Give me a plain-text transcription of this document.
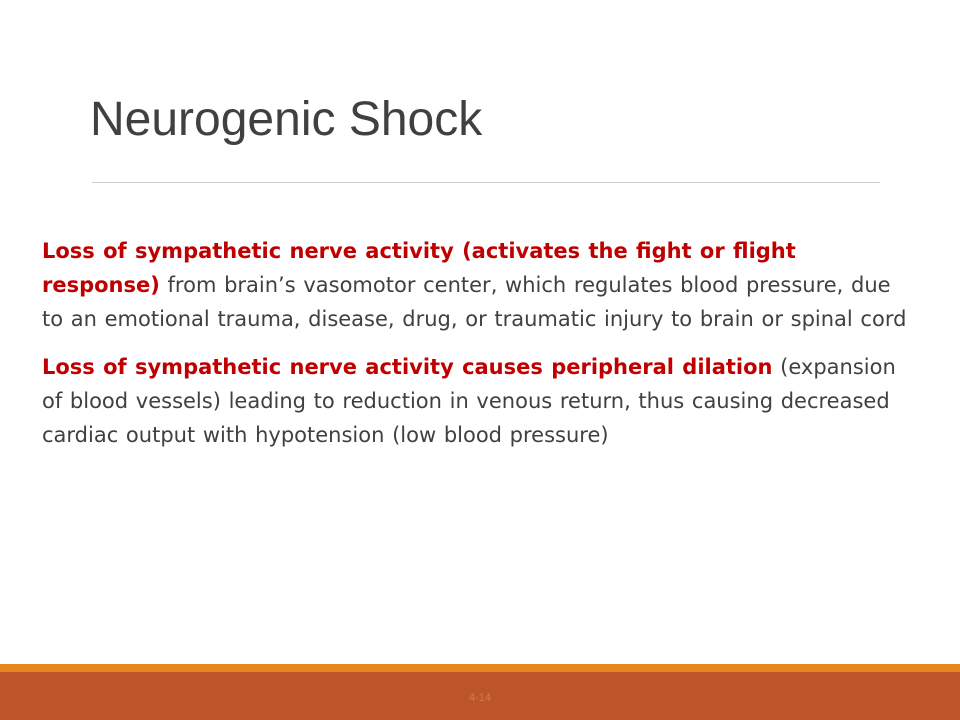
Neurogenic Shock

Loss of sympathetic nerve activity (activates the fight or flight response) from brain’s vasomotor center, which regulates blood pressure, due to an emotional trauma, disease, drug, or traumatic injury to brain or spinal cord

Loss of sympathetic nerve activity causes peripheral dilation (expansion of blood vessels) leading to reduction in venous return, thus causing decreased cardiac output with hypotension (low blood pressure)

4-14
